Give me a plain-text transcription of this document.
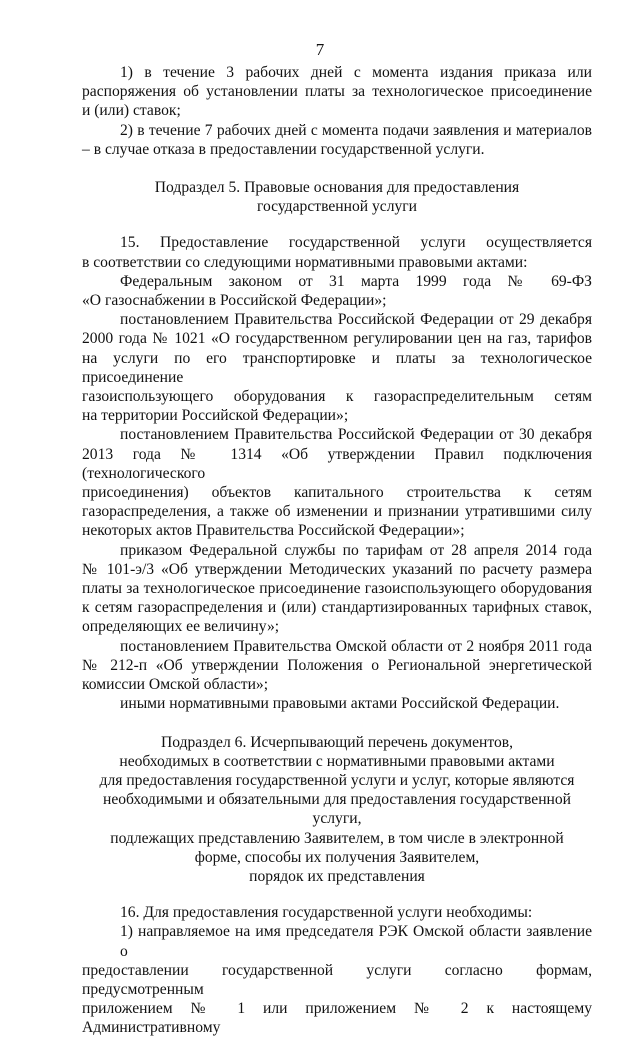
7
1) в течение 3 рабочих дней с момента издания приказа или
распоряжения об установлении платы за технологическое присоединение
и (или) ставок;
2) в течение 7 рабочих дней с момента подачи заявления и материалов
– в случае отказа в предоставлении государственной услуги.
Подраздел 5. Правовые основания для предоставления
государственной услуги
15. Предоставление государственной услуги осуществляется
в соответствии со следующими нормативными правовыми актами:
Федеральным законом от 31 марта 1999 года № 69-ФЗ
«О газоснабжении в Российской Федерации»;
постановлением Правительства Российской Федерации от 29 декабря
2000 года № 1021 «О государственном регулировании цен на газ, тарифов
на услуги по его транспортировке и платы за технологическое присоединение
газоиспользующего оборудования к газораспределительным сетям
на территории Российской Федерации»;
постановлением Правительства Российской Федерации от 30 декабря
2013 года № 1314 «Об утверждении Правил подключения (технологического
присоединения) объектов капитального строительства к сетям
газораспределения, а также об изменении и признании утратившими силу
некоторых актов Правительства Российской Федерации»;
приказом Федеральной службы по тарифам от 28 апреля 2014 года
№ 101-э/3 «Об утверждении Методических указаний по расчету размера
платы за технологическое присоединение газоиспользующего оборудования
к сетям газораспределения и (или) стандартизированных тарифных ставок,
определяющих ее величину»;
постановлением Правительства Омской области от 2 ноября 2011 года
№ 212-п «Об утверждении Положения о Региональной энергетической
комиссии Омской области»;
иными нормативными правовыми актами Российской Федерации.
Подраздел 6. Исчерпывающий перечень документов,
необходимых в соответствии с нормативными правовыми актами
для предоставления государственной услуги и услуг, которые являются
необходимыми и обязательными для предоставления государственной услуги,
подлежащих представлению Заявителем, в том числе в электронной
форме, способы их получения Заявителем,
порядок их представления
16. Для предоставления государственной услуги необходимы:
1) направляемое на имя председателя РЭК Омской области заявление о
предоставлении государственной услуги согласно формам, предусмотренным
приложением № 1 или приложением № 2 к настоящему Административному
